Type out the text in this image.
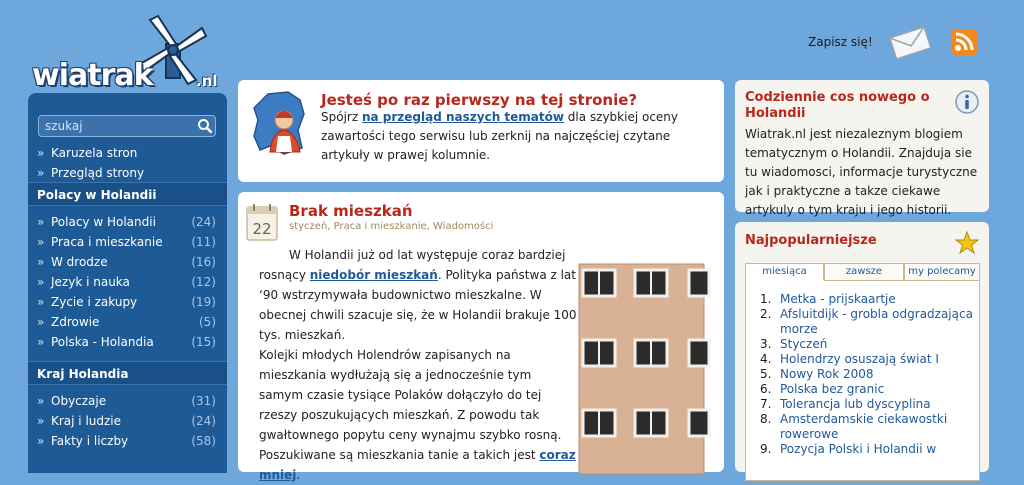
wiatrak	.nl
Zapisz się!
szukaj
» Karuzela stron
» Przegląd strony
Polacy w Holandii
» Polacy w Holandii	(24)
» Praca i mieszkanie (11)
» W drodze	(16)
» Jezyk i nauka	(12)
» Zycie i zakupy	(19)
» Zdrowie	(5)
» Polska - Holandia	(15)
Kraj Holandia
» Obyczaje	(31)
» Kraj i ludzie	(24)
» Fakty i liczby	(58)
Jesteś po raz pierwszy na tej stronie?
Spójrz na przegląd naszych tematów dla szybkiej oceny zawartości tego serwisu lub zerknij na najczęściej czytane artykuły w prawej kolumnie.
22
Brak mieszkań
styczeń, Praca i mieszkanie, Wiadomości
W Holandii już od lat występuje coraz bardziej rosnący niedobór mieszkań. Polityka państwa z lat ‘90 wstrzymywała budownictwo mieszkalne. W obecnej chwili szacuje się, że w Holandii brakuje 100 tys. mieszkań.
Kolejki młodych Holendrów zapisanych na mieszkania wydłużają się a jednocześnie tym samym czasie tysiące Polaków dołączyło do tej rzeszy poszukujących mieszkań. Z powodu tak gwałtownego popytu ceny wynajmu szybko rosną. Poszukiwane są mieszkania tanie a takich jest coraz mniej.
Codziennie cos nowego o Holandii
Wiatrak.nl jest niezaleznym blogiem tematycznym o Holandii. Znajduja sie tu wiadomosci, informacje turystyczne jak i praktyczne a takze ciekawe artykuly o tym kraju i jego historii.
Najpopularniejsze
miesiąca	zawsze	my polecamy
1. Metka - prijskaartje
2. Afsluitdijk - grobla odgradzająca morze
3. Styczeń
4. Holendrzy osuszają świat I
5. Nowy Rok 2008
6. Polska bez granic
7. Tolerancja lub dyscyplina
8. Amsterdamskie ciekawostki rowerowe
9. Pozycja Polski i Holandii w
